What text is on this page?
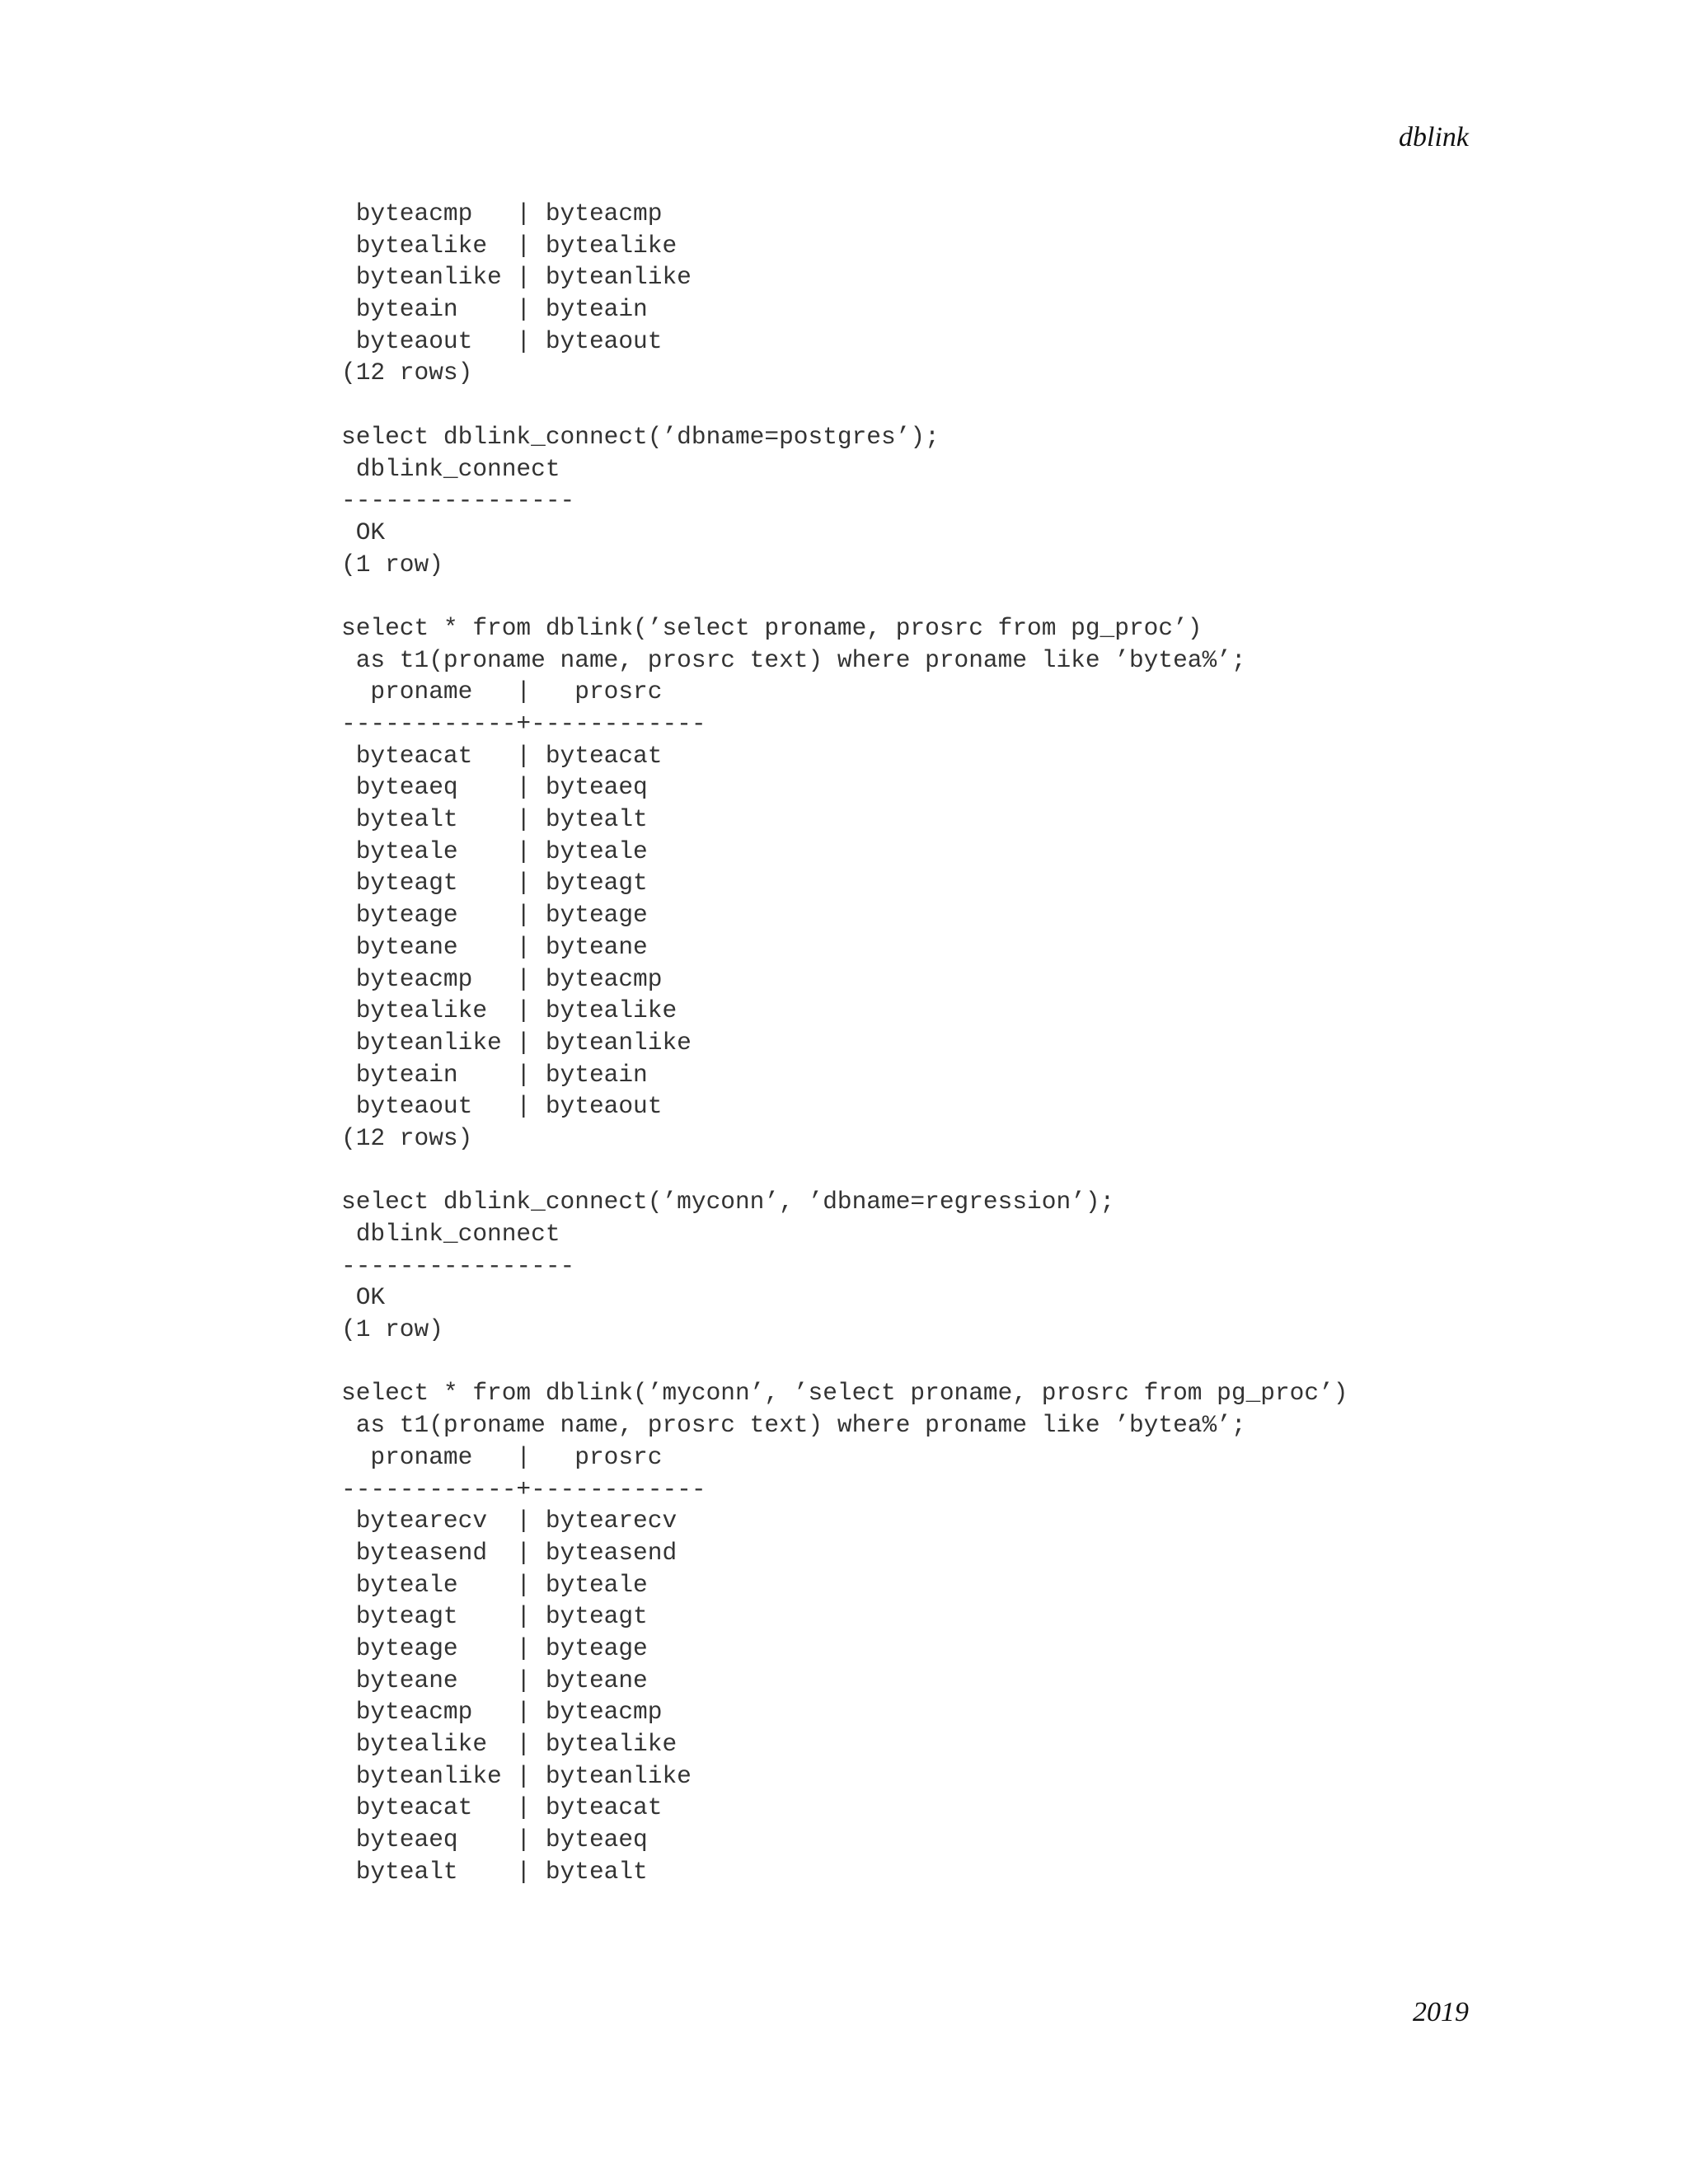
dblink
byteacmp   | byteacmp
bytealike  | bytealike
byteanlike | byteanlike
byteain    | byteain
byteaout   | byteaout
(12 rows)
select dblink_connect(’dbname=postgres’);
dblink_connect
----------------
OK
(1 row)
select * from dblink(’select proname, prosrc from pg_proc’)
as t1(proname name, prosrc text) where proname like ’bytea%’;
proname   |   prosrc
------------+------------
byteacat   | byteacat
byteaeq    | byteaeq
bytealt    | bytealt
byteale    | byteale
byteagt    | byteagt
byteage    | byteage
byteane    | byteane
byteacmp   | byteacmp
bytealike  | bytealike
byteanlike | byteanlike
byteain    | byteain
byteaout   | byteaout
(12 rows)
select dblink_connect(’myconn’, ’dbname=regression’);
dblink_connect
----------------
OK
(1 row)
select * from dblink(’myconn’, ’select proname, prosrc from pg_proc’)
as t1(proname name, prosrc text) where proname like ’bytea%’;
proname   |   prosrc
------------+------------
bytearecv  | bytearecv
byteasend  | byteasend
byteale    | byteale
byteagt    | byteagt
byteage    | byteage
byteane    | byteane
byteacmp   | byteacmp
bytealike  | bytealike
byteanlike | byteanlike
byteacat   | byteacat
byteaeq    | byteaeq
bytealt    | bytealt
2019
